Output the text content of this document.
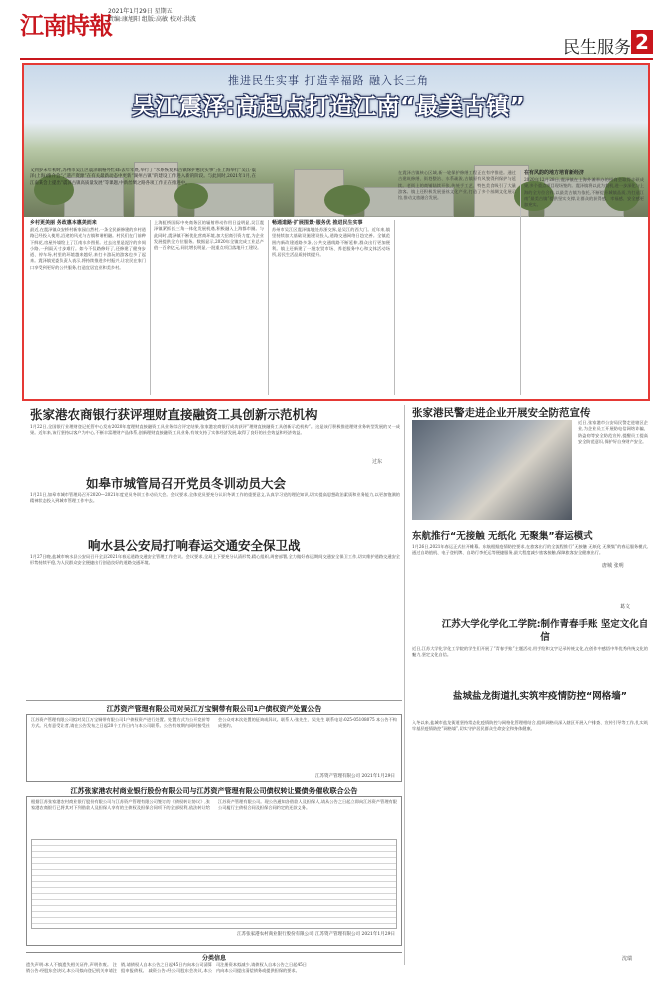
江南時報
2021年1月29日 星期五
责编:康旭阳 组版:高敏 校对:洪波
民生服务 2
推进民生实事 打造幸福路 融入长三角
吴江震泽:高起点打造江南“最美古镇”
又到岁末年初时,苏州市吴江区震泽镇格外忙碌:去年年底,举行了“水系恢复和古镇保护惠民实事”;在上海举行“吴江·震泽(上海)推介会”;“遗产资源”在有关最新动态中更新“湖州古镇”的建设工作进入新的阶段。与此同时,2021年1月,在江南某会上提出“震泽古镇高质量发展”等课题,中新丝绸之路各项工作正在推进中。
乡村更美丽 务政惠本惠美而来
最近,在震泽镇众安桥村新家园自然村,一条全民新修建的乡村道路已经投入使用,沿途的风光与古镇和谐相融。村民们在门前种下鲜花,房屋外墙绘上了江南水乡图景。过去这里是泥泞的乡间小路,一到雨天寸步难行。如今不仅路修好了,还修建了健身步道、停车场,村里的环境越来越好,来打卡游玩的游客也多了起来。震泽镇党委负责人表示,将持续推进乡村振兴,让农民在家门口享受到更好的公共服务,打造宜居宜业和美乡村。
上海虹桥国际中央商务区的辐射带动作用日益明显,吴江震泽镇紧抓长三角一体化发展机遇,积极融入上海都市圈。与此同时,震泽镇不断优化营商环境,加大招商引资力度,为企业发展提供全方位服务。数据显示,2020年全镇完成工业总产值一百余亿元,同比增长明显,一批重点项目落地开工建设。
畅通道路·扩展围景·服务优 推进民生实事
苏州市吴江区震泽镇地处苏浙交界,是吴江的西大门。近年来,镇里持续加大基础设施建设投入,道路交通网络日趋完善。全镇范围内新改建道路多条,公共交通线路不断延伸,群众出行更加便利。镇上还新建了一批农贸市场、养老服务中心和文体活动场所,居民生活品质持续提升。
在震泽古镇核心区域,新一轮保护修缮工程正在有序推进。通过古建筑修缮、街巷整治、水系疏浚,古镇原有风貌得到保护与延续。老街上的商铺陆续开张,传统手工艺、特色美食吸引了大量游客。镇上还积极发展蚕丝文化产业,打造了多个丝绸文化展示馆,推动文旅融合发展。
在有风韵的地方培育新经济
2020年12月28日,震泽镇在上海外滩举办的招商会取得丰硕成果,多个重点项目现场签约。震泽镇将以此为契机,进一步深化与上海的全方位合作,以最美古镇为依托,不断提升城镇品质,为打造江南“最美古镇”提供坚实支撑,让群众的获得感、幸福感、安全感更加充实。
张家港农商银行获评理财直接融资工具创新示范机构
1月22日,全国银行业理财登记托管中心发布2020年度理财直接融资工具业务综合评定结果,张家港农商银行成功获评“理财直接融资工具创新示范机构”。这是该行积极推进理财业务转型发展的又一成果。近年来,该行坚持以客户为中心,不断丰富理财产品体系,创新理财直接融资工具业务,有效支持了实体经济发展,取得了良好的社会效益和经济效益。
过东
如皋市城管局召开党员冬训动员大会
1月21日,如皋市城市管理局召开2020—2021年度党员冬训工作动员大会。会议要求,全体党员要充分认识冬训工作的重要意义,认真学习党的理论知识,切实提高思想政治素质和业务能力,以更加饱满的精神状态投入到城市管理工作中去。
响水县公安局打响春运交通安全保卫战
1月27日晚,盐城市响水县公安局召开全县2021年春运道路交通安全管理工作会议。会议要求,全局上下要充分认清形势,精心组织,周密部署,全力做好春运期间交通安全保卫工作,切实维护道路交通安全形势持续平稳,为人民群众安全便捷出行创造良好的道路交通环境。
张家港民警走进企业开展安全防范宣传
近日,张家港市公安局民警走进辖区企业,为企业员工开展防电信网络诈骗、防盗窃等安全防范宣传,提醒员工提高安全防范意识,保护好自身财产安全。
唐城 张明
东航推行“无接触 无纸化 无聚集”春运模式
1月26日,2021年春运正式拉开帷幕。东航根据疫情防控要求,在旅客出行的全流程推行“无接触 无纸化 无聚集”的春运服务模式,通过自助值机、电子登机牌、自助行李托运等便捷服务,最大程度减少旅客接触,保障旅客安全健康出行。
葛文
江苏大学化学化工学院:制作青春手账 坚定文化自信
近日,江苏大学化学化工学院的学生们开展了“青春手账”主题活动,用手绘和文字记录传统文化,在创作中感悟中华优秀传统文化的魅力,坚定文化自信。
盐城盐龙街道扎实筑牢疫情防控“网格墙”
入冬以来,盐城市盐龙街道坚持常态化疫情防控与网格化管理相结合,组织网格员深入辖区开展入户排查、宣传引导等工作,扎实筑牢基层疫情防控“网格墙”,切实守护居民群众生命安全和身体健康。
沈瑞
江苏资产管理有限公司对吴江万宝铜带有限公司1户债权资产处置公告
江苏资产管理有限公司拟对吴江万宝铜带有限公司1户债权资产进行处置。处置方式为公开竞价等方式。凡有意受让者,请在公告发布之日起20个工作日内与本公司联系。公告有效期内同时接受社会公众对本次处置的征询或异议。联系人:张先生、吴先生 联系电话:025-05108075 本公告不构成要约。
江苏资产管理有限公司 2021年1月29日
江苏张家港农村商业银行股份有限公司与江苏资产管理有限公司债权转让暨债务催收联合公告
根据江苏张家港农村商业银行股份有限公司与江苏资产管理有限公司签订的《债权转让协议》,张家港农商银行已将其对下列借款人及担保人享有的主债权及担保合同项下的全部权利,依法转让给江苏资产管理有限公司。现公告通知各借款人及担保人,请从公告之日起立即向江苏资产管理有限公司履行主债权合同及担保合同约定的还款义务。
江苏张家港农村商业银行股份有限公司 江苏资产管理有限公司 2021年1月29日
分类信息
遗失声明:本人不慎遗失相关证件,声明作废。 注销公告:经股东会决议,本公司拟向登记机关申请注销,请债权人自本公告之日起45日内向本公司清算组申报债权。 减资公告:经公司股东会决议,本公司注册资本拟减少,请债权人自本公告之日起45日内向本公司提出清偿债务或提供担保的要求。
